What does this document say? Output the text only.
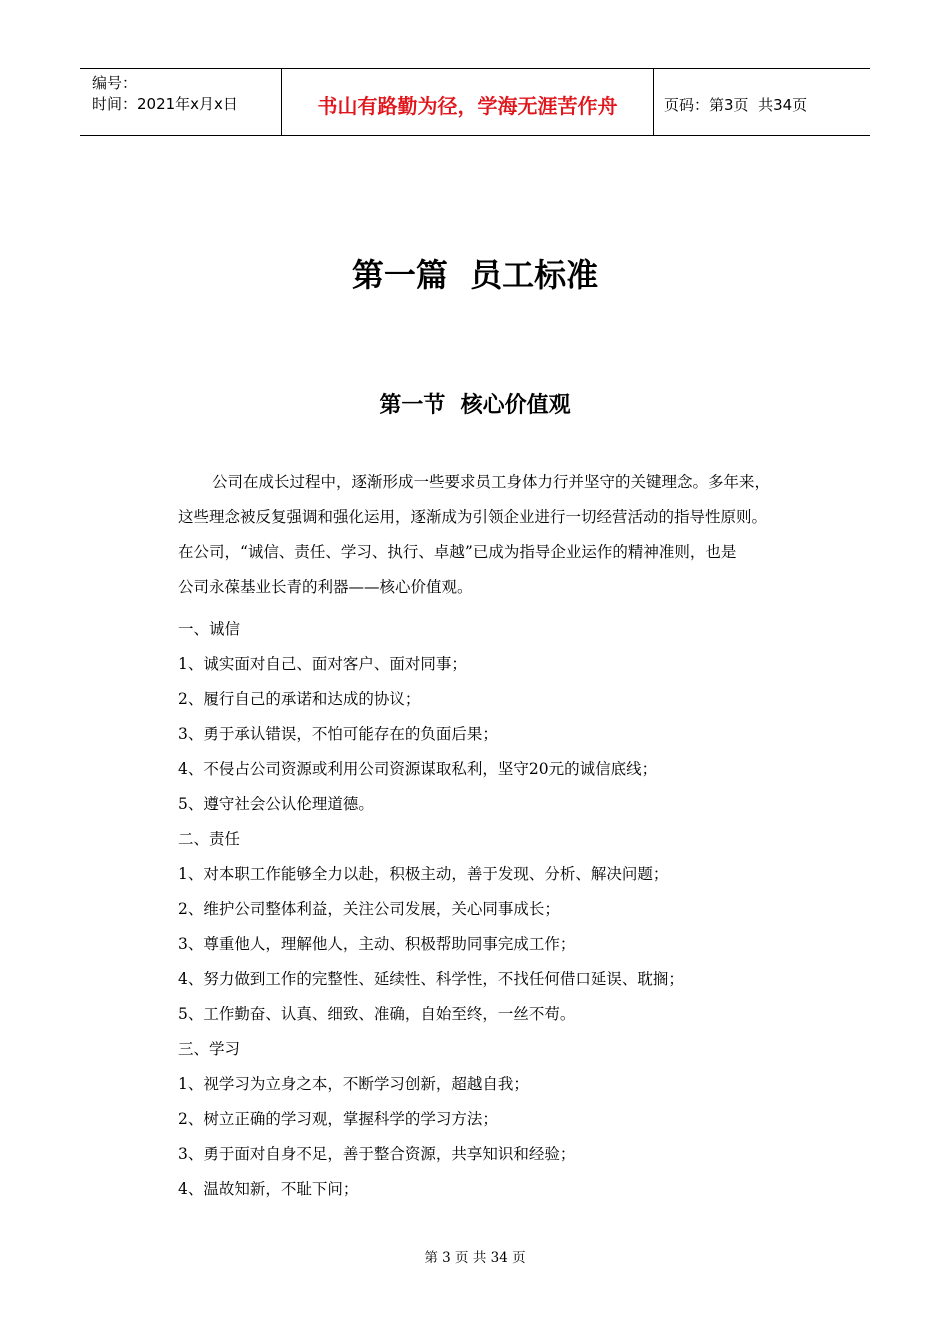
编号：
时间：2021年x月x日	书山有路勤为径，学海无涯苦作舟	页码：第3页  共34页
第一篇  员工标准
第一节  核心价值观
公司在成长过程中，逐渐形成一些要求员工身体力行并坚守的关键理念。多年来，
这些理念被反复强调和强化运用，逐渐成为引领企业进行一切经营活动的指导性原则。
在公司，“诚信、责任、学习、执行、卓越”已成为指导企业运作的精神准则，也是
公司永葆基业长青的利器——核心价值观。
一、诚信
1、诚实面对自己、面对客户、面对同事；
2、履行自己的承诺和达成的协议；
3、勇于承认错误，不怕可能存在的负面后果；
4、不侵占公司资源或利用公司资源谋取私利，坚守20元的诚信底线；
5、遵守社会公认伦理道德。
二、责任
1、对本职工作能够全力以赴，积极主动，善于发现、分析、解决问题；
2、维护公司整体利益，关注公司发展，关心同事成长；
3、尊重他人，理解他人，主动、积极帮助同事完成工作；
4、努力做到工作的完整性、延续性、科学性，不找任何借口延误、耽搁；
5、工作勤奋、认真、细致、准确，自始至终，一丝不苟。
三、学习
1、视学习为立身之本，不断学习创新，超越自我；
2、树立正确的学习观，掌握科学的学习方法；
3、勇于面对自身不足，善于整合资源，共享知识和经验；
4、温故知新，不耻下问；
第 3 页 共 34 页
